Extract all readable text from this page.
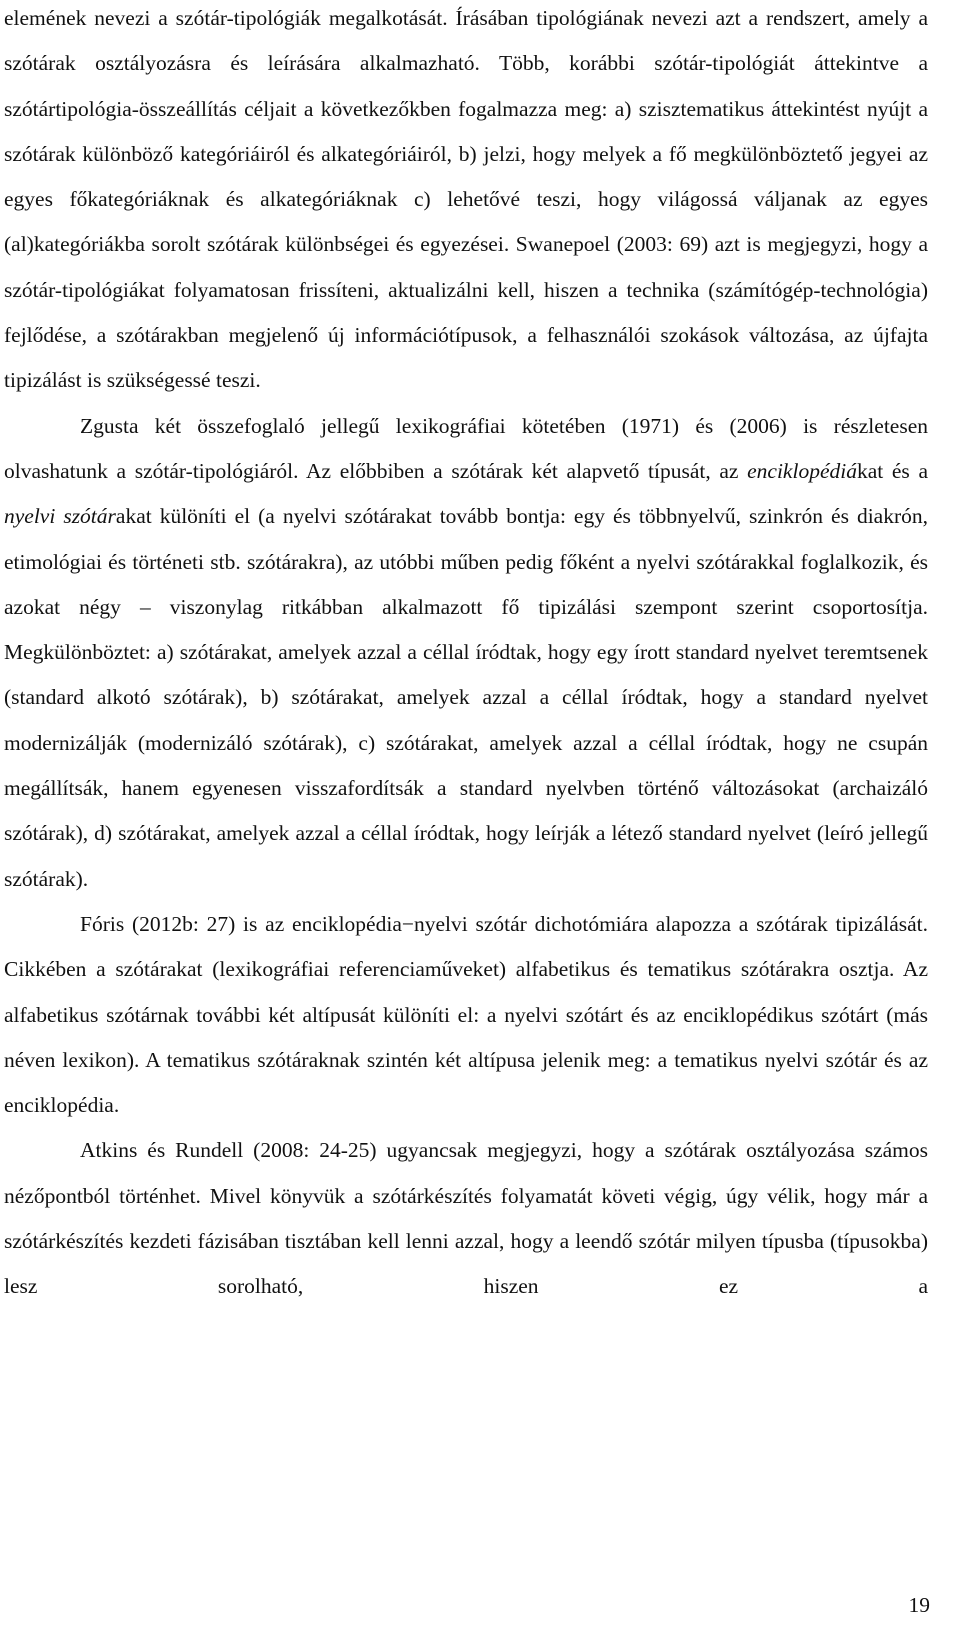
elemének nevezi a szótár-tipológiák megalkotását. Írásában tipológiának nevezi azt a rendszert, amely a szótárak osztályozásra és leírására alkalmazható. Több, korábbi szótár-tipológiát áttekintve a szótártipológia-összeállítás céljait a következőkben fogalmazza meg: a) szisztematikus áttekintést nyújt a szótárak különböző kategóriáiról és alkategóriáiról, b) jelzi, hogy melyek a fő megkülönböztető jegyei az egyes főkategóriáknak és alkategóriáknak c) lehetővé teszi, hogy világossá váljanak az egyes (al)kategóriákba sorolt szótárak különbségei és egyezései. Swanepoel (2003: 69) azt is megjegyzi, hogy a szótár-tipológiákat folyamatosan frissíteni, aktualizálni kell, hiszen a technika (számítógép-technológia) fejlődése, a szótárakban megjelenő új információtípusok, a felhasználói szokások változása, az újfajta tipizálást is szükségessé teszi.

Zgusta két összefoglaló jellegű lexikográfiai kötetében (1971) és (2006) is részletesen olvashatunk a szótár-tipológiáról. Az előbbiben a szótárak két alapvető típusát, az enciklopédiákat és a nyelvi szótárakat különíti el (a nyelvi szótárakat tovább bontja: egy és többnyelvű, szinkrón és diakrón, etimológiai és történeti stb. szótárakra), az utóbbi műben pedig főként a nyelvi szótárakkal foglalkozik, és azokat négy – viszonylag ritkábban alkalmazott fő tipizálási szempont szerint csoportosítja. Megkülönböztet: a) szótárakat, amelyek azzal a céllal íródtak, hogy egy írott standard nyelvet teremtsenek (standard alkotó szótárak), b) szótárakat, amelyek azzal a céllal íródtak, hogy a standard nyelvet modernizálják (modernizáló szótárak), c) szótárakat, amelyek azzal a céllal íródtak, hogy ne csupán megállítsák, hanem egyenesen visszafordítsák a standard nyelvben történő változásokat (archaizáló szótárak), d) szótárakat, amelyek azzal a céllal íródtak, hogy leírják a létező standard nyelvet (leíró jellegű szótárak).

Fóris (2012b: 27) is az enciklopédia−nyelvi szótár dichotómiára alapozza a szótárak tipizálását. Cikkében a szótárakat (lexikográfiai referenciaműveket) alfabetikus és tematikus szótárakra osztja. Az alfabetikus szótárnak további két altípusát különíti el: a nyelvi szótárt és az enciklopédikus szótárt (más néven lexikon). A tematikus szótáraknak szintén két altípusa jelenik meg: a tematikus nyelvi szótár és az enciklopédia.

Atkins és Rundell (2008: 24-25) ugyancsak megjegyzi, hogy a szótárak osztályozása számos nézőpontból történhet. Mivel könyvük a szótárkészítés folyamatát követi végig, úgy vélik, hogy már a szótárkészítés kezdeti fázisában tisztában kell lenni azzal, hogy a leendő szótár milyen típusba (típusokba) lesz sorolható, hiszen ez a

19
